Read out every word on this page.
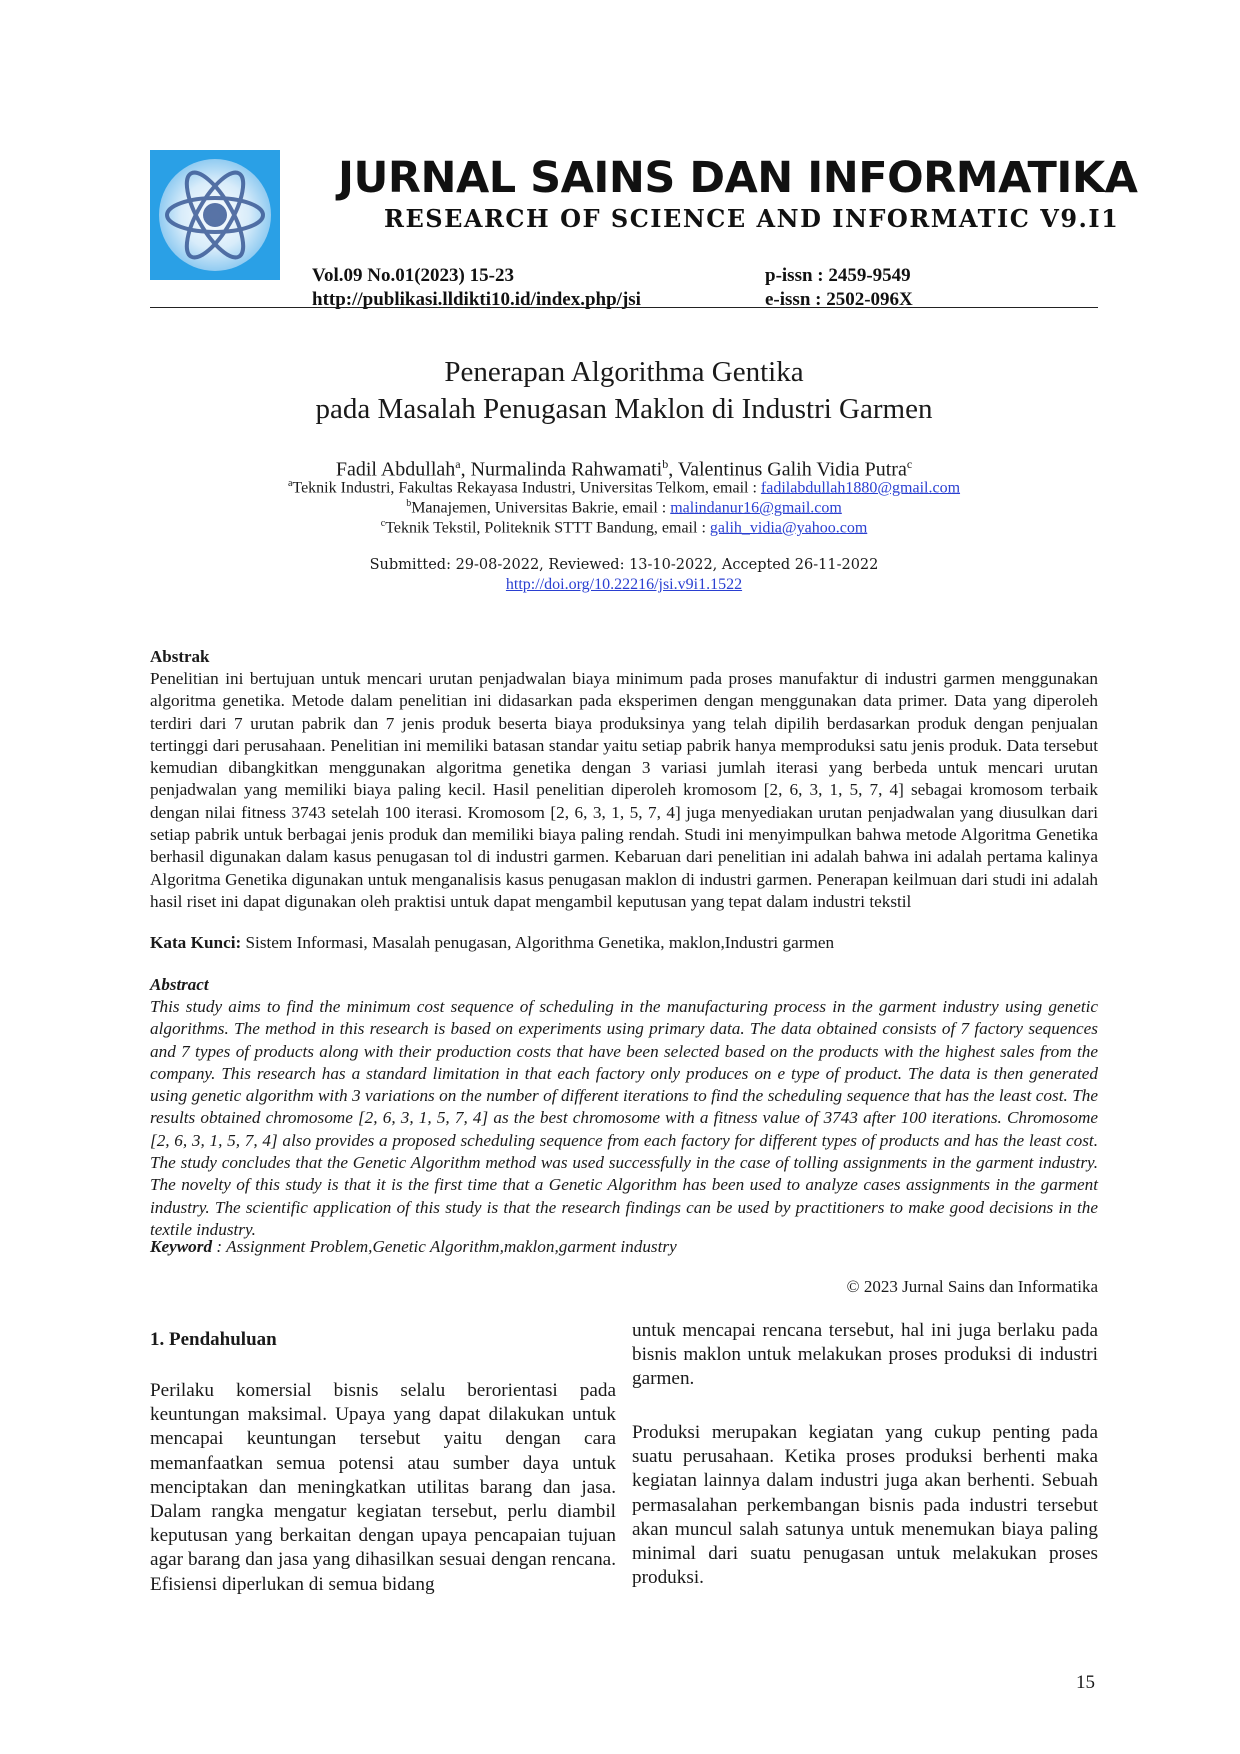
JURNAL SAINS DAN INFORMATIKA
RESEARCH OF SCIENCE AND INFORMATIC V9.I1
Vol.09 No.01(2023) 15-23
http://publikasi.lldikti10.id/index.php/jsi
p-issn : 2459-9549
e-issn : 2502-096X
Penerapan Algorithma Gentika
pada Masalah Penugasan Maklon di Industri Garmen
Fadil Abdullah$^a$, Nurmalinda Rahwamati$^b$, Valentinus Galih Vidia Putra$^c$
$^a$Teknik Industri, Fakultas Rekayasa Industri, Universitas Telkom, email : fadilabdullah1880@gmail.com
$^b$Manajemen, Universitas Bakrie, email : malindanur16@gmail.com
$^c$Teknik Tekstil, Politeknik STTT Bandung, email : galih_vidia@yahoo.com
Submitted: 29-08-2022, Reviewed: 13-10-2022, Accepted 26-11-2022
http://doi.org/10.22216/jsi.v9i1.1522
Abstrak

Penelitian ini bertujuan untuk mencari urutan penjadwalan biaya minimum pada proses manufaktur di industri garmen menggunakan algoritma genetika. Metode dalam penelitian ini didasarkan pada eksperimen dengan menggunakan data primer. Data yang diperoleh terdiri dari 7 urutan pabrik dan 7 jenis produk beserta biaya produksinya yang telah dipilih berdasarkan produk dengan penjualan tertinggi dari perusahaan. Penelitian ini memiliki batasan standar yaitu setiap pabrik hanya memproduksi satu jenis produk. Data tersebut kemudian dibangkitkan menggunakan algoritma genetika dengan 3 variasi jumlah iterasi yang berbeda untuk mencari urutan penjadwalan yang memiliki biaya paling kecil. Hasil penelitian diperoleh kromosom [2, 6, 3, 1, 5, 7, 4] sebagai kromosom terbaik dengan nilai fitness 3743 setelah 100 iterasi. Kromosom [2, 6, 3, 1, 5, 7, 4] juga menyediakan urutan penjadwalan yang diusulkan dari setiap pabrik untuk berbagai jenis produk dan memiliki biaya paling rendah. Studi ini menyimpulkan bahwa metode Algoritma Genetika berhasil digunakan dalam kasus penugasan tol di industri garmen. Kebaruan dari penelitian ini adalah bahwa ini adalah pertama kalinya Algoritma Genetika digunakan untuk menganalisis kasus penugasan maklon di industri garmen. Penerapan keilmuan dari studi ini adalah hasil riset ini dapat digunakan oleh praktisi untuk dapat mengambil keputusan yang tepat dalam industri tekstil

Kata Kunci: Sistem Informasi, Masalah penugasan, Algorithma Genetika, maklon,Industri garmen
Abstract

This study aims to find the minimum cost sequence of scheduling in the manufacturing process in the garment industry using genetic algorithms. The method in this research is based on experiments using primary data. The data obtained consists of 7 factory sequences and 7 types of products along with their production costs that have been selected based on the products with the highest sales from the company. This research has a standard limitation in that each factory only produces on e type of product. The data is then generated using genetic algorithm with 3 variations on the number of different iterations to find the scheduling sequence that has the least cost. The results obtained chromosome [2, 6, 3, 1, 5, 7, 4] as the best chromosome with a fitness value of 3743 after 100 iterations. Chromosome [2, 6, 3, 1, 5, 7, 4] also provides a proposed scheduling sequence from each factory for different types of products and has the least cost. The study concludes that the Genetic Algorithm method was used successfully in the case of tolling assignments in the garment industry. The novelty of this study is that it is the first time that a Genetic Algorithm has been used to analyze cases assignments in the garment industry. The scientific application of this study is that the research findings can be used by practitioners to make good decisions in the textile industry.

Keyword : Assignment Problem,Genetic Algorithm,maklon,garment industry
© 2023 Jurnal Sains dan Informatika
1. Pendahuluan

Perilaku komersial bisnis selalu berorientasi pada keuntungan maksimal. Upaya yang dapat dilakukan untuk mencapai keuntungan tersebut yaitu dengan cara memanfaatkan semua potensi atau sumber daya untuk menciptakan dan meningkatkan utilitas barang dan jasa. Dalam rangka mengatur kegiatan tersebut, perlu diambil keputusan yang berkaitan dengan upaya pencapaian tujuan agar barang dan jasa yang dihasilkan sesuai dengan rencana. Efisiensi diperlukan di semua bidang

untuk mencapai rencana tersebut, hal ini juga berlaku pada bisnis maklon untuk melakukan proses produksi di industri garmen.

Produksi merupakan kegiatan yang cukup penting pada suatu perusahaan. Ketika proses produksi berhenti maka kegiatan lainnya dalam industri juga akan berhenti. Sebuah permasalahan perkembangan bisnis pada industri tersebut akan muncul salah satunya untuk menemukan biaya paling minimal dari suatu penugasan untuk melakukan proses produksi.

15
